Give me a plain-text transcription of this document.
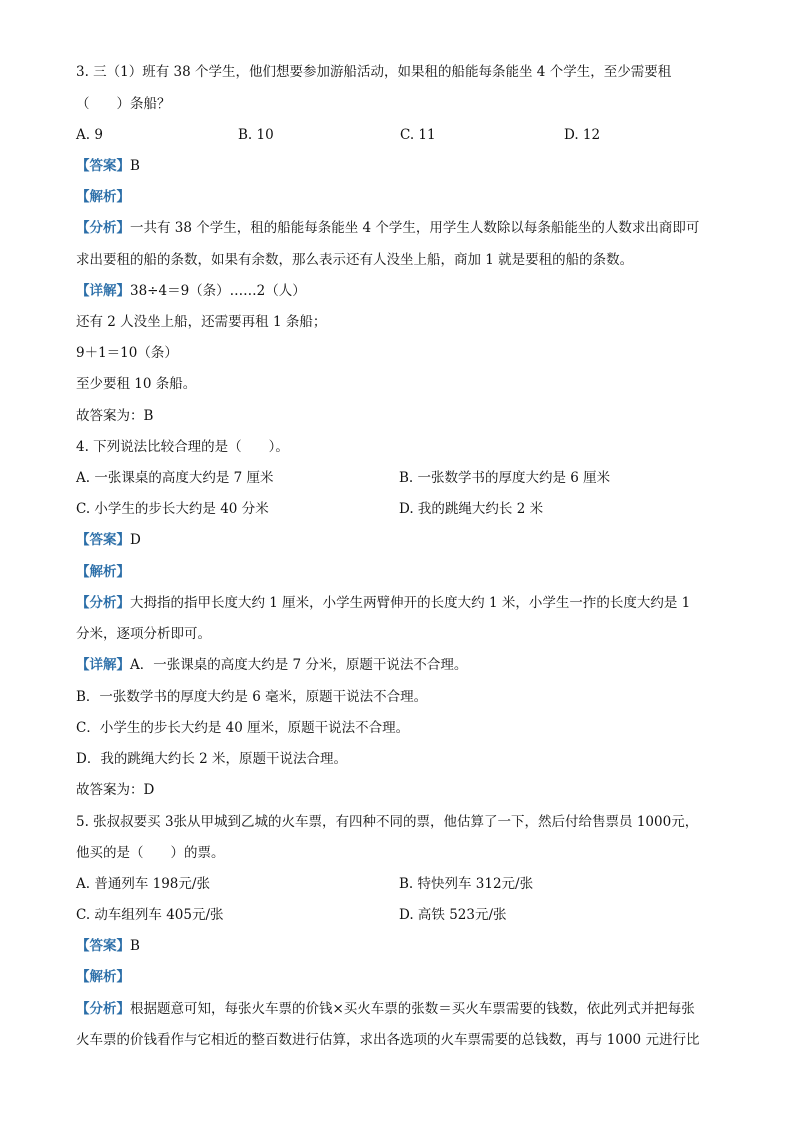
3. 三（1）班有 38 个学生，他们想要参加游船活动，如果租的船能每条能坐 4 个学生，至少需要租
（　　）条船？
A. 9	B. 10	C. 11	D. 12
【答案】B
【解析】
【分析】一共有 38 个学生，租的船能每条能坐 4 个学生，用学生人数除以每条船能坐的人数求出商即可
求出要租的船的条数，如果有余数，那么表示还有人没坐上船，商加 1 就是要租的船的条数。
【详解】38÷4＝9（条）……2（人）
还有 2 人没坐上船，还需要再租 1 条船；
9＋1＝10（条）
至少要租 10 条船。
故答案为：B
4. 下列说法比较合理的是（　　）。
A. 一张课桌的高度大约是 7 厘米	B. 一张数学书的厚度大约是 6 厘米
C. 小学生的步长大约是 40 分米	D. 我的跳绳大约长 2 米
【答案】D
【解析】
【分析】大拇指的指甲长度大约 1 厘米，小学生两臂伸开的长度大约 1 米，小学生一拃的长度大约是 1
分米，逐项分析即可。
【详解】A．一张课桌的高度大约是 7 分米，原题干说法不合理。
B．一张数学书的厚度大约是 6 毫米，原题干说法不合理。
C．小学生的步长大约是 40 厘米，原题干说法不合理。
D．我的跳绳大约长 2 米，原题干说法合理。
故答案为：D
5. 张叔叔要买 3张从甲城到乙城的火车票，有四种不同的票，他估算了一下，然后付给售票员 1000元，
他买的是（　　）的票。
A. 普通列车 198元/张	B. 特快列车 312元/张
C. 动车组列车 405元/张	D. 高铁 523元/张
【答案】B
【解析】
【分析】根据题意可知，每张火车票的价钱×买火车票的张数＝买火车票需要的钱数，依此列式并把每张
火车票的价钱看作与它相近的整百数进行估算，求出各选项的火车票需要的总钱数，再与 1000 元进行比
